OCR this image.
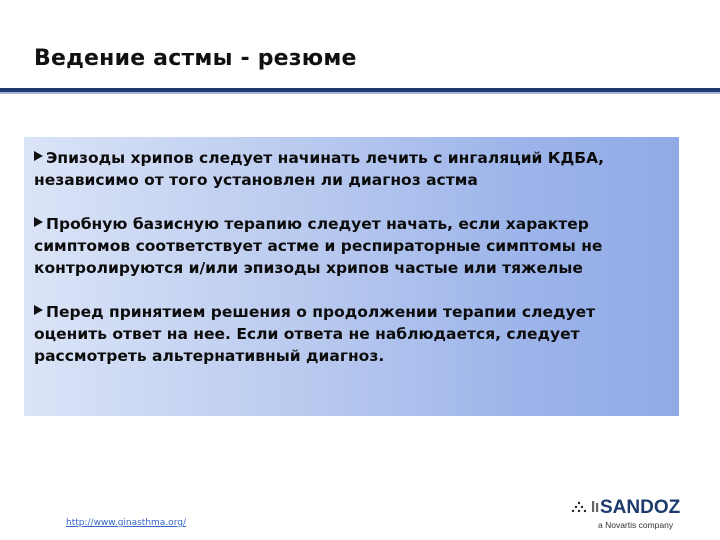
Ведение астмы - резюме
Эпизоды хрипов следует начинать лечить с ингаляций КДБА, независимо от того установлен ли диагноз астма
Пробную базисную терапию следует начать, если характер симптомов соответствует астме и респираторные симптомы не контролируются и/или эпизоды хрипов частые или тяжелые
Перед принятием решения о продолжении терапии следует оценить ответ на нее. Если ответа не наблюдается, следует рассмотреть альтернативный диагноз.
http://www.ginasthma.org/
SANDOZ
a Novartis company
